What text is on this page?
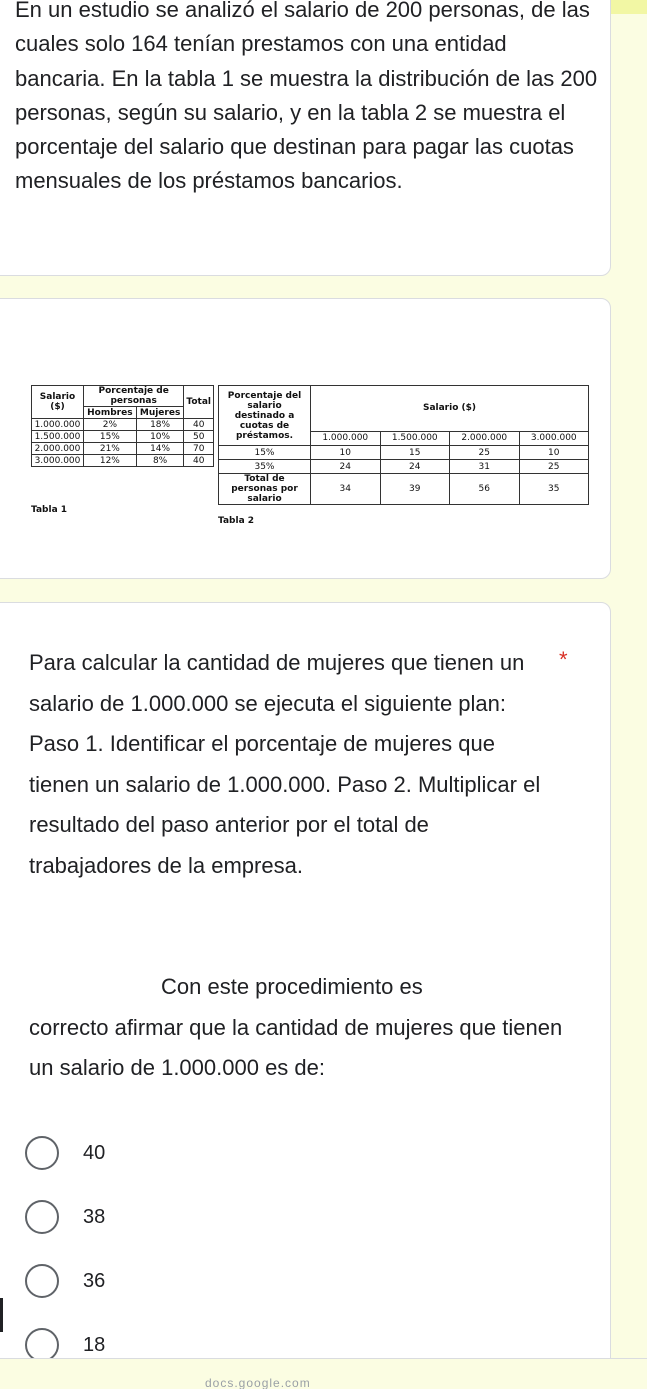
En un estudio se analizó el salario de 200 personas, de las cuales solo 164 tenían prestamos con una entidad bancaria. En la tabla 1 se muestra la distribución de las 200 personas, según su salario, y en la tabla 2 se muestra el porcentaje del salario que destinan para pagar las cuotas mensuales de los préstamos bancarios.
Salario ($)	Porcentaje de personas		Total
	Hombres	Mujeres	
1.000.000	2%	18%	40
1.500.000	15%	10%	50
2.000.000	21%	14%	70
3.000.000	12%	8%	40
Tabla 1
Porcentaje del salario destinado a cuotas de préstamos.	Salario ($)			
	1.000.000	1.500.000	2.000.000	3.000.000
15%	10	15	25	10
35%	24	24	31	25
Total de personas por salario	34	39	56	35
Tabla 2
Para calcular la cantidad de mujeres que tienen un salario de 1.000.000 se ejecuta el siguiente plan: Paso 1. Identificar el porcentaje de mujeres que tienen un salario de 1.000.000. Paso 2. Multiplicar el resultado del paso anterior por el total de trabajadores de la empresa.
*
Con este procedimiento es
correcto afirmar que la cantidad de mujeres que tienen un salario de 1.000.000 es de:
40
38
36
18
docs.google.com
